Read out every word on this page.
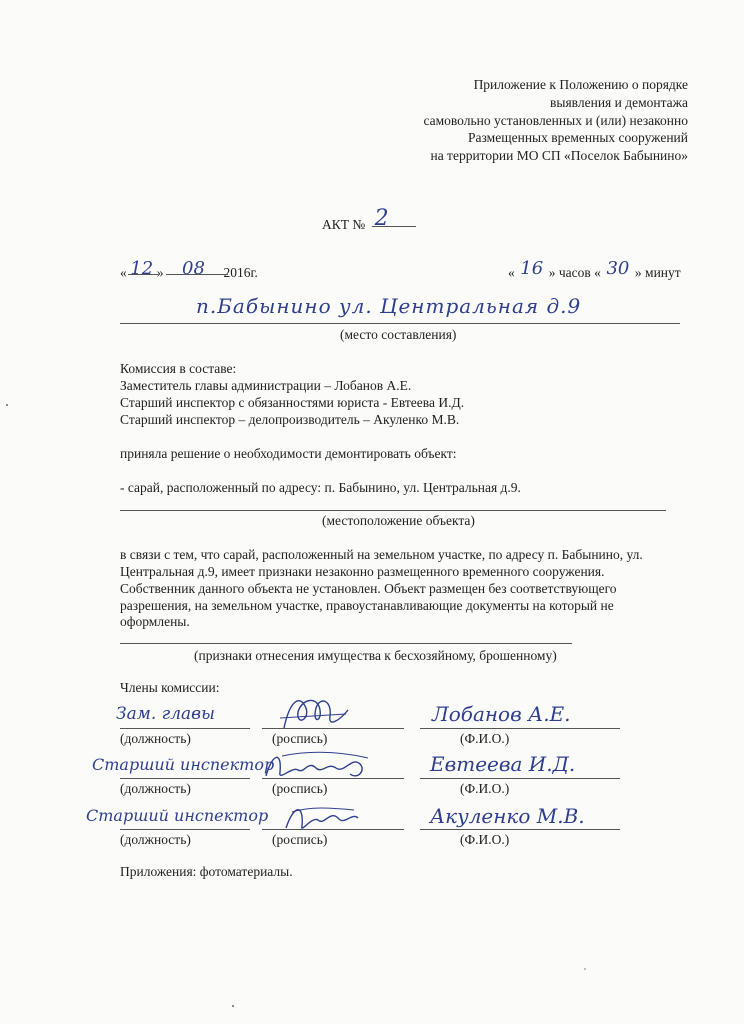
Приложение к Положению о порядке
выявления и демонтажа
самовольно установленных и (или) незаконно
Размещенных временных сооружений
на территории МО СП «Поселок Бабынино»
АКТ № 2
« 12 » 08 2016г.	« 16 » часов « 30 » минут
п.Бабынино ул. Центральная д.9
(место составления)
Комиссия в составе:
Заместитель главы администрации – Лобанов А.Е.
Старший инспектор с обязанностями юриста - Евтеева И.Д.
Старший инспектор – делопроизводитель – Акуленко М.В.
приняла решение о необходимости демонтировать объект:
- сарай, расположенный по адресу: п. Бабынино, ул. Центральная д.9.
(местоположение объекта)
в связи с тем, что сарай, расположенный на земельном участке, по адресу п. Бабынино, ул.
Центральная д.9, имеет признаки незаконно размещенного временного сооружения.
Собственник данного объекта не установлен. Объект размещен без соответствующего
разрешения, на земельном участке, правоустанавливающие документы на который не
оформлены.
(признаки отнесения имущества к бесхозяйному, брошенному)
Члены комиссии:
Зам. главы	Лобанов А.Е.
(должность)	(роспись)	(Ф.И.О.)
Старший инспектор	Евтеева И.Д.
(должность)	(роспись)	(Ф.И.О.)
Старший инспектор	Акуленко М.В.
(должность)	(роспись)	(Ф.И.О.)
Приложения: фотоматериалы.
